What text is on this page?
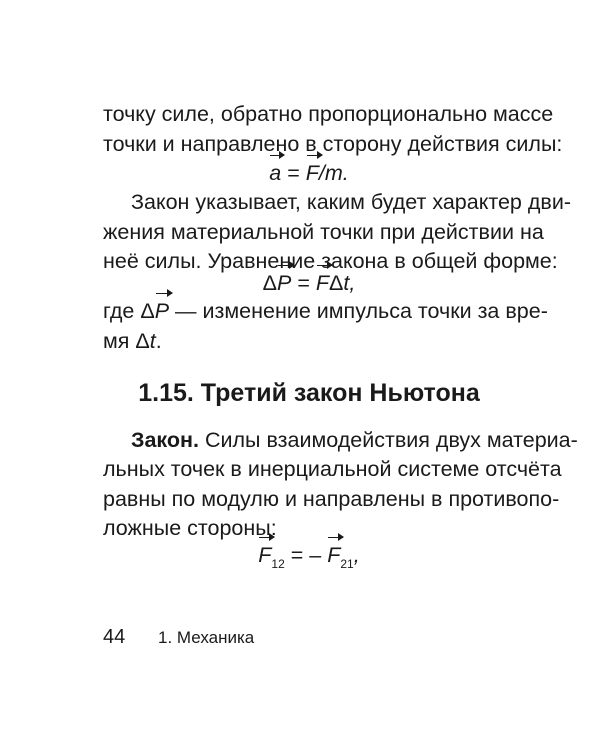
точку силе, обратно пропорционально массе
точки и направлено в сторону действия силы:
a = F/m.
Закон указывает, каким будет характер дви-
жения материальной точки при действии на
неё силы. Уравнение закона в общей форме:
ΔP = FΔt,
где ΔP — изменение импульса точки за вре-
мя Δt.
1.15. Третий закон Ньютона
Закон. Силы взаимодействия двух материа-
льных точек в инерциальной системе отсчёта
равны по модулю и направлены в противопо-
ложные стороны:
$F_{12}$ = – $F_{21}$,
44 1. Механика
